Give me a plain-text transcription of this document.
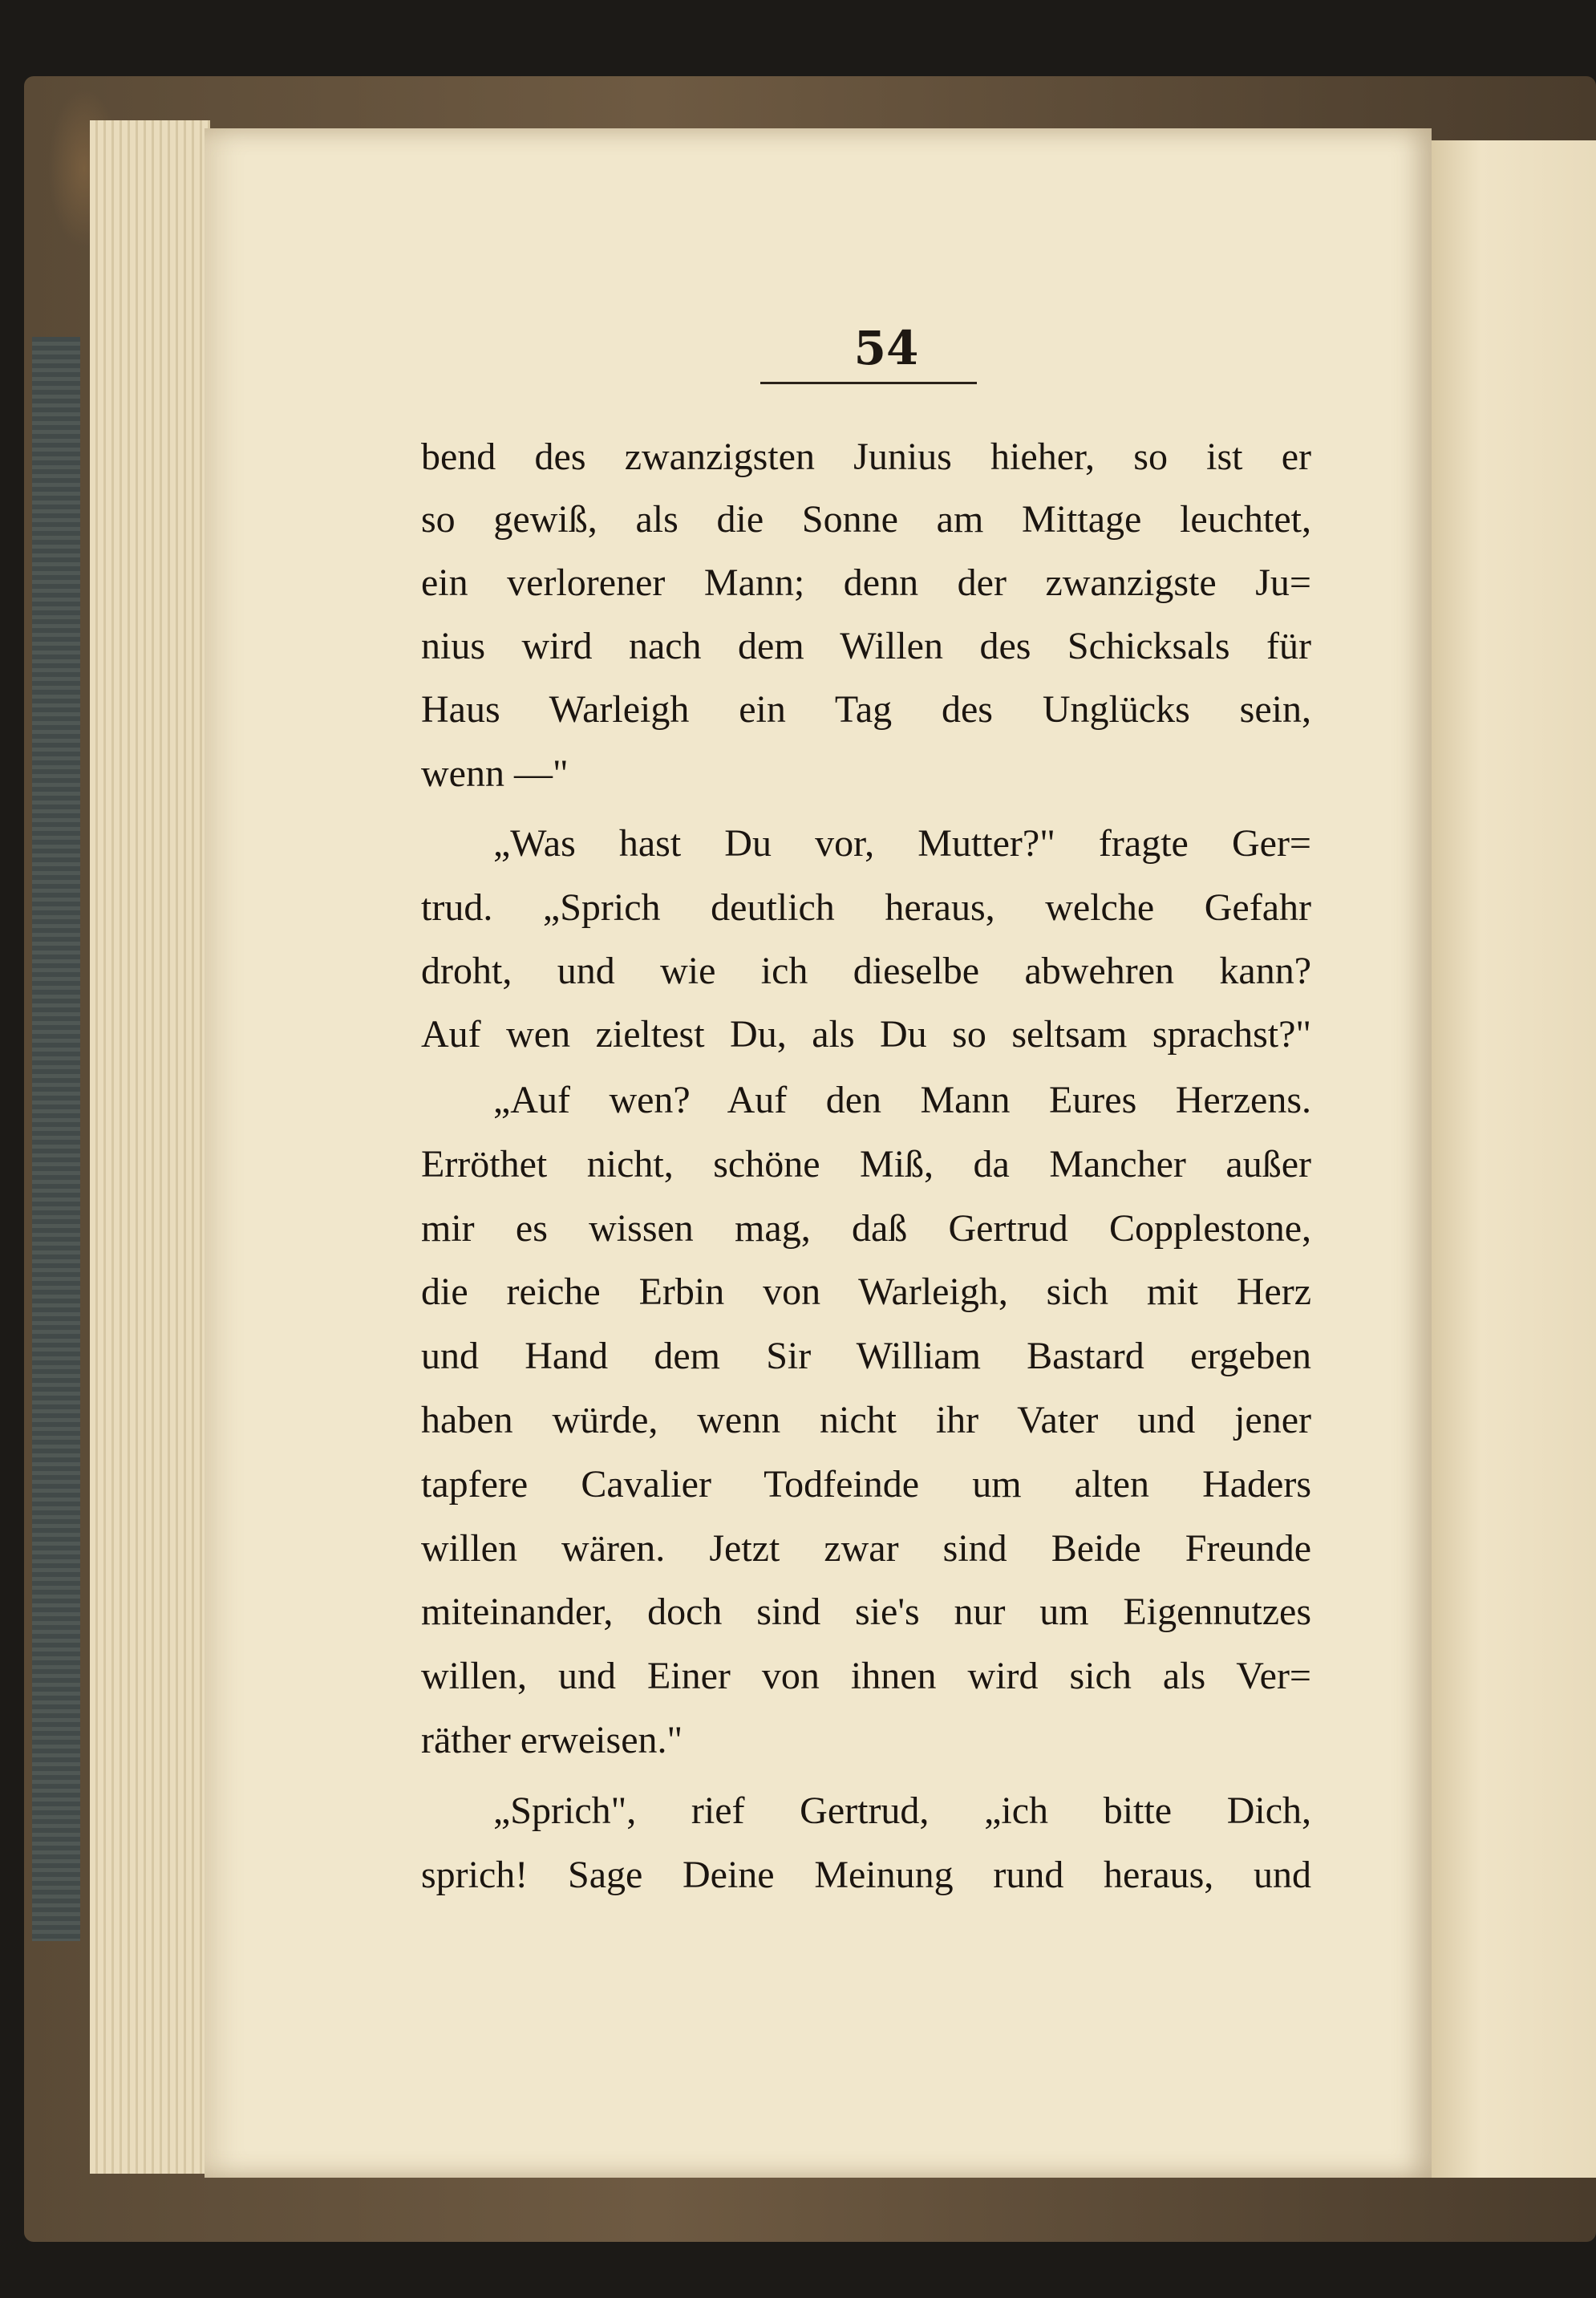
54
bend des zwanzigsten Junius hieher, so ist er
so gewiß, als die Sonne am Mittage leuchtet,
ein verlorener Mann; denn der zwanzigste Ju=
nius wird nach dem Willen des Schicksals für
Haus Warleigh ein Tag des Unglücks sein,
wenn —"
„Was hast Du vor, Mutter?" fragte Ger=
trud. „Sprich deutlich heraus, welche Gefahr
droht, und wie ich dieselbe abwehren kann?
Auf wen zieltest Du, als Du so seltsam sprachst?"
„Auf wen? Auf den Mann Eures Herzens.
Erröthet nicht, schöne Miß, da Mancher außer
mir es wissen mag, daß Gertrud Copplestone,
die reiche Erbin von Warleigh, sich mit Herz
und Hand dem Sir William Bastard ergeben
haben würde, wenn nicht ihr Vater und jener
tapfere Cavalier Todfeinde um alten Haders
willen wären. Jetzt zwar sind Beide Freunde
miteinander, doch sind sie's nur um Eigennutzes
willen, und Einer von ihnen wird sich als Ver=
räther erweisen."
„Sprich", rief Gertrud, „ich bitte Dich,
sprich! Sage Deine Meinung rund heraus, und
